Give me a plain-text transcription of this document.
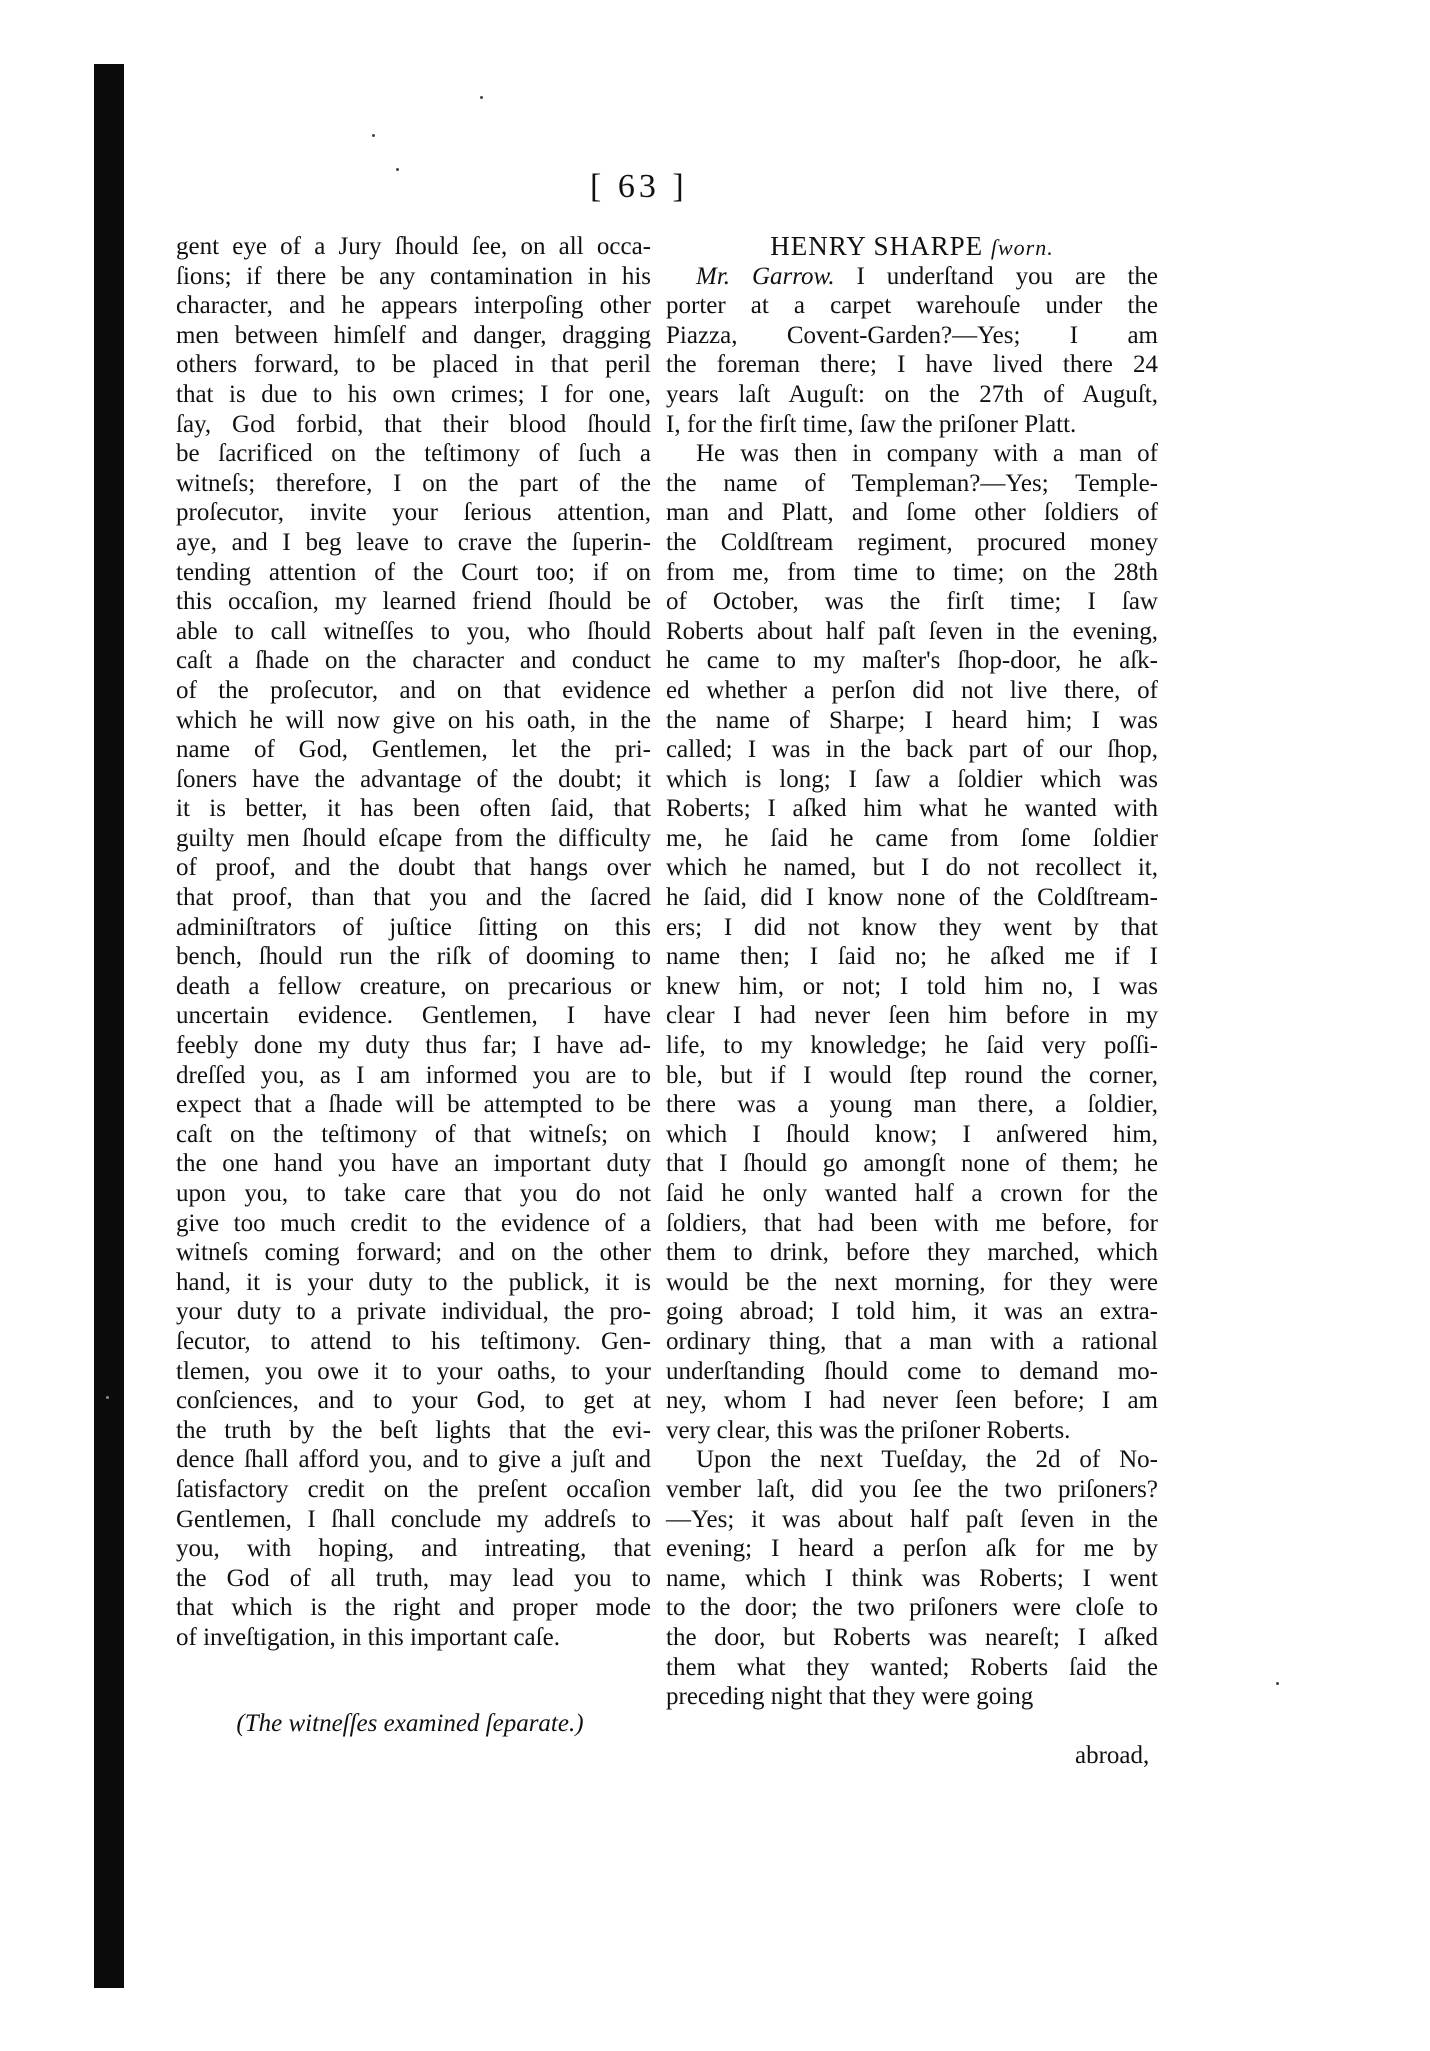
[ 63 ]
gent eye of a Jury ſhould ſee, on all occa-
ſions; if there be any contamination in his
character, and he appears interpoſing other
men between himſelf and danger, dragging
others forward, to be placed in that peril
that is due to his own crimes; I for one,
ſay, God forbid, that their blood ſhould
be ſacrificed on the teſtimony of ſuch a
witneſs; therefore, I on the part of the
proſecutor, invite your ſerious attention,
aye, and I beg leave to crave the ſuperin-
tending attention of the Court too; if on
this occaſion, my learned friend ſhould be
able to call witneſſes to you, who ſhould
caſt a ſhade on the character and conduct
of the proſecutor, and on that evidence
which he will now give on his oath, in the
name of God, Gentlemen, let the pri-
ſoners have the advantage of the doubt; it
it is better, it has been often ſaid, that
guilty men ſhould eſcape from the difficulty
of proof, and the doubt that hangs over
that proof, than that you and the ſacred
adminiſtrators of juſtice ſitting on this
bench, ſhould run the riſk of dooming to
death a fellow creature, on precarious or
uncertain evidence. Gentlemen, I have
feebly done my duty thus far; I have ad-
dreſſed you, as I am informed you are to
expect that a ſhade will be attempted to be
caſt on the teſtimony of that witneſs; on
the one hand you have an important duty
upon you, to take care that you do not
give too much credit to the evidence of a
witneſs coming forward; and on the other
hand, it is your duty to the publick, it is
your duty to a private individual, the pro-
ſecutor, to attend to his teſtimony. Gen-
tlemen, you owe it to your oaths, to your
conſciences, and to your God, to get at
the truth by the beſt lights that the evi-
dence ſhall afford you, and to give a juſt and
ſatisfactory credit on the preſent occaſion
Gentlemen, I ſhall conclude my addreſs to
you, with hoping, and intreating, that
the God of all truth, may lead you to
that which is the right and proper mode
of inveſtigation, in this important caſe.
(The witneſſes examined ſeparate.)
HENRY SHARPE ſworn.
Mr. Garrow. I underſtand you are the
porter at a carpet warehouſe under the
Piazza, Covent-Garden?—Yes; I am
the foreman there; I have lived there 24
years laſt Auguſt: on the 27th of Auguſt,
I, for the firſt time, ſaw the priſoner Platt.
He was then in company with a man of
the name of Templeman?—Yes; Temple-
man and Platt, and ſome other ſoldiers of
the Coldſtream regiment, procured money
from me, from time to time; on the 28th
of October, was the firſt time; I ſaw
Roberts about half paſt ſeven in the evening,
he came to my maſter's ſhop-door, he aſk-
ed whether a perſon did not live there, of
the name of Sharpe; I heard him; I was
called; I was in the back part of our ſhop,
which is long; I ſaw a ſoldier which was
Roberts; I aſked him what he wanted with
me, he ſaid he came from ſome ſoldier
which he named, but I do not recollect it,
he ſaid, did I know none of the Coldſtream-
ers; I did not know they went by that
name then; I ſaid no; he aſked me if I
knew him, or not; I told him no, I was
clear I had never ſeen him before in my
life, to my knowledge; he ſaid very poſſi-
ble, but if I would ſtep round the corner,
there was a young man there, a ſoldier,
which I ſhould know; I anſwered him,
that I ſhould go amongſt none of them; he
ſaid he only wanted half a crown for the
ſoldiers, that had been with me before, for
them to drink, before they marched, which
would be the next morning, for they were
going abroad; I told him, it was an extra-
ordinary thing, that a man with a rational
underſtanding ſhould come to demand mo-
ney, whom I had never ſeen before; I am
very clear, this was the priſoner Roberts.
Upon the next Tueſday, the 2d of No-
vember laſt, did you ſee the two priſoners?
—Yes; it was about half paſt ſeven in the
evening; I heard a perſon aſk for me by
name, which I think was Roberts; I went
to the door; the two priſoners were cloſe to
the door, but Roberts was neareſt; I aſked
them what they wanted; Roberts ſaid the
preceding night that they were going
abroad,
